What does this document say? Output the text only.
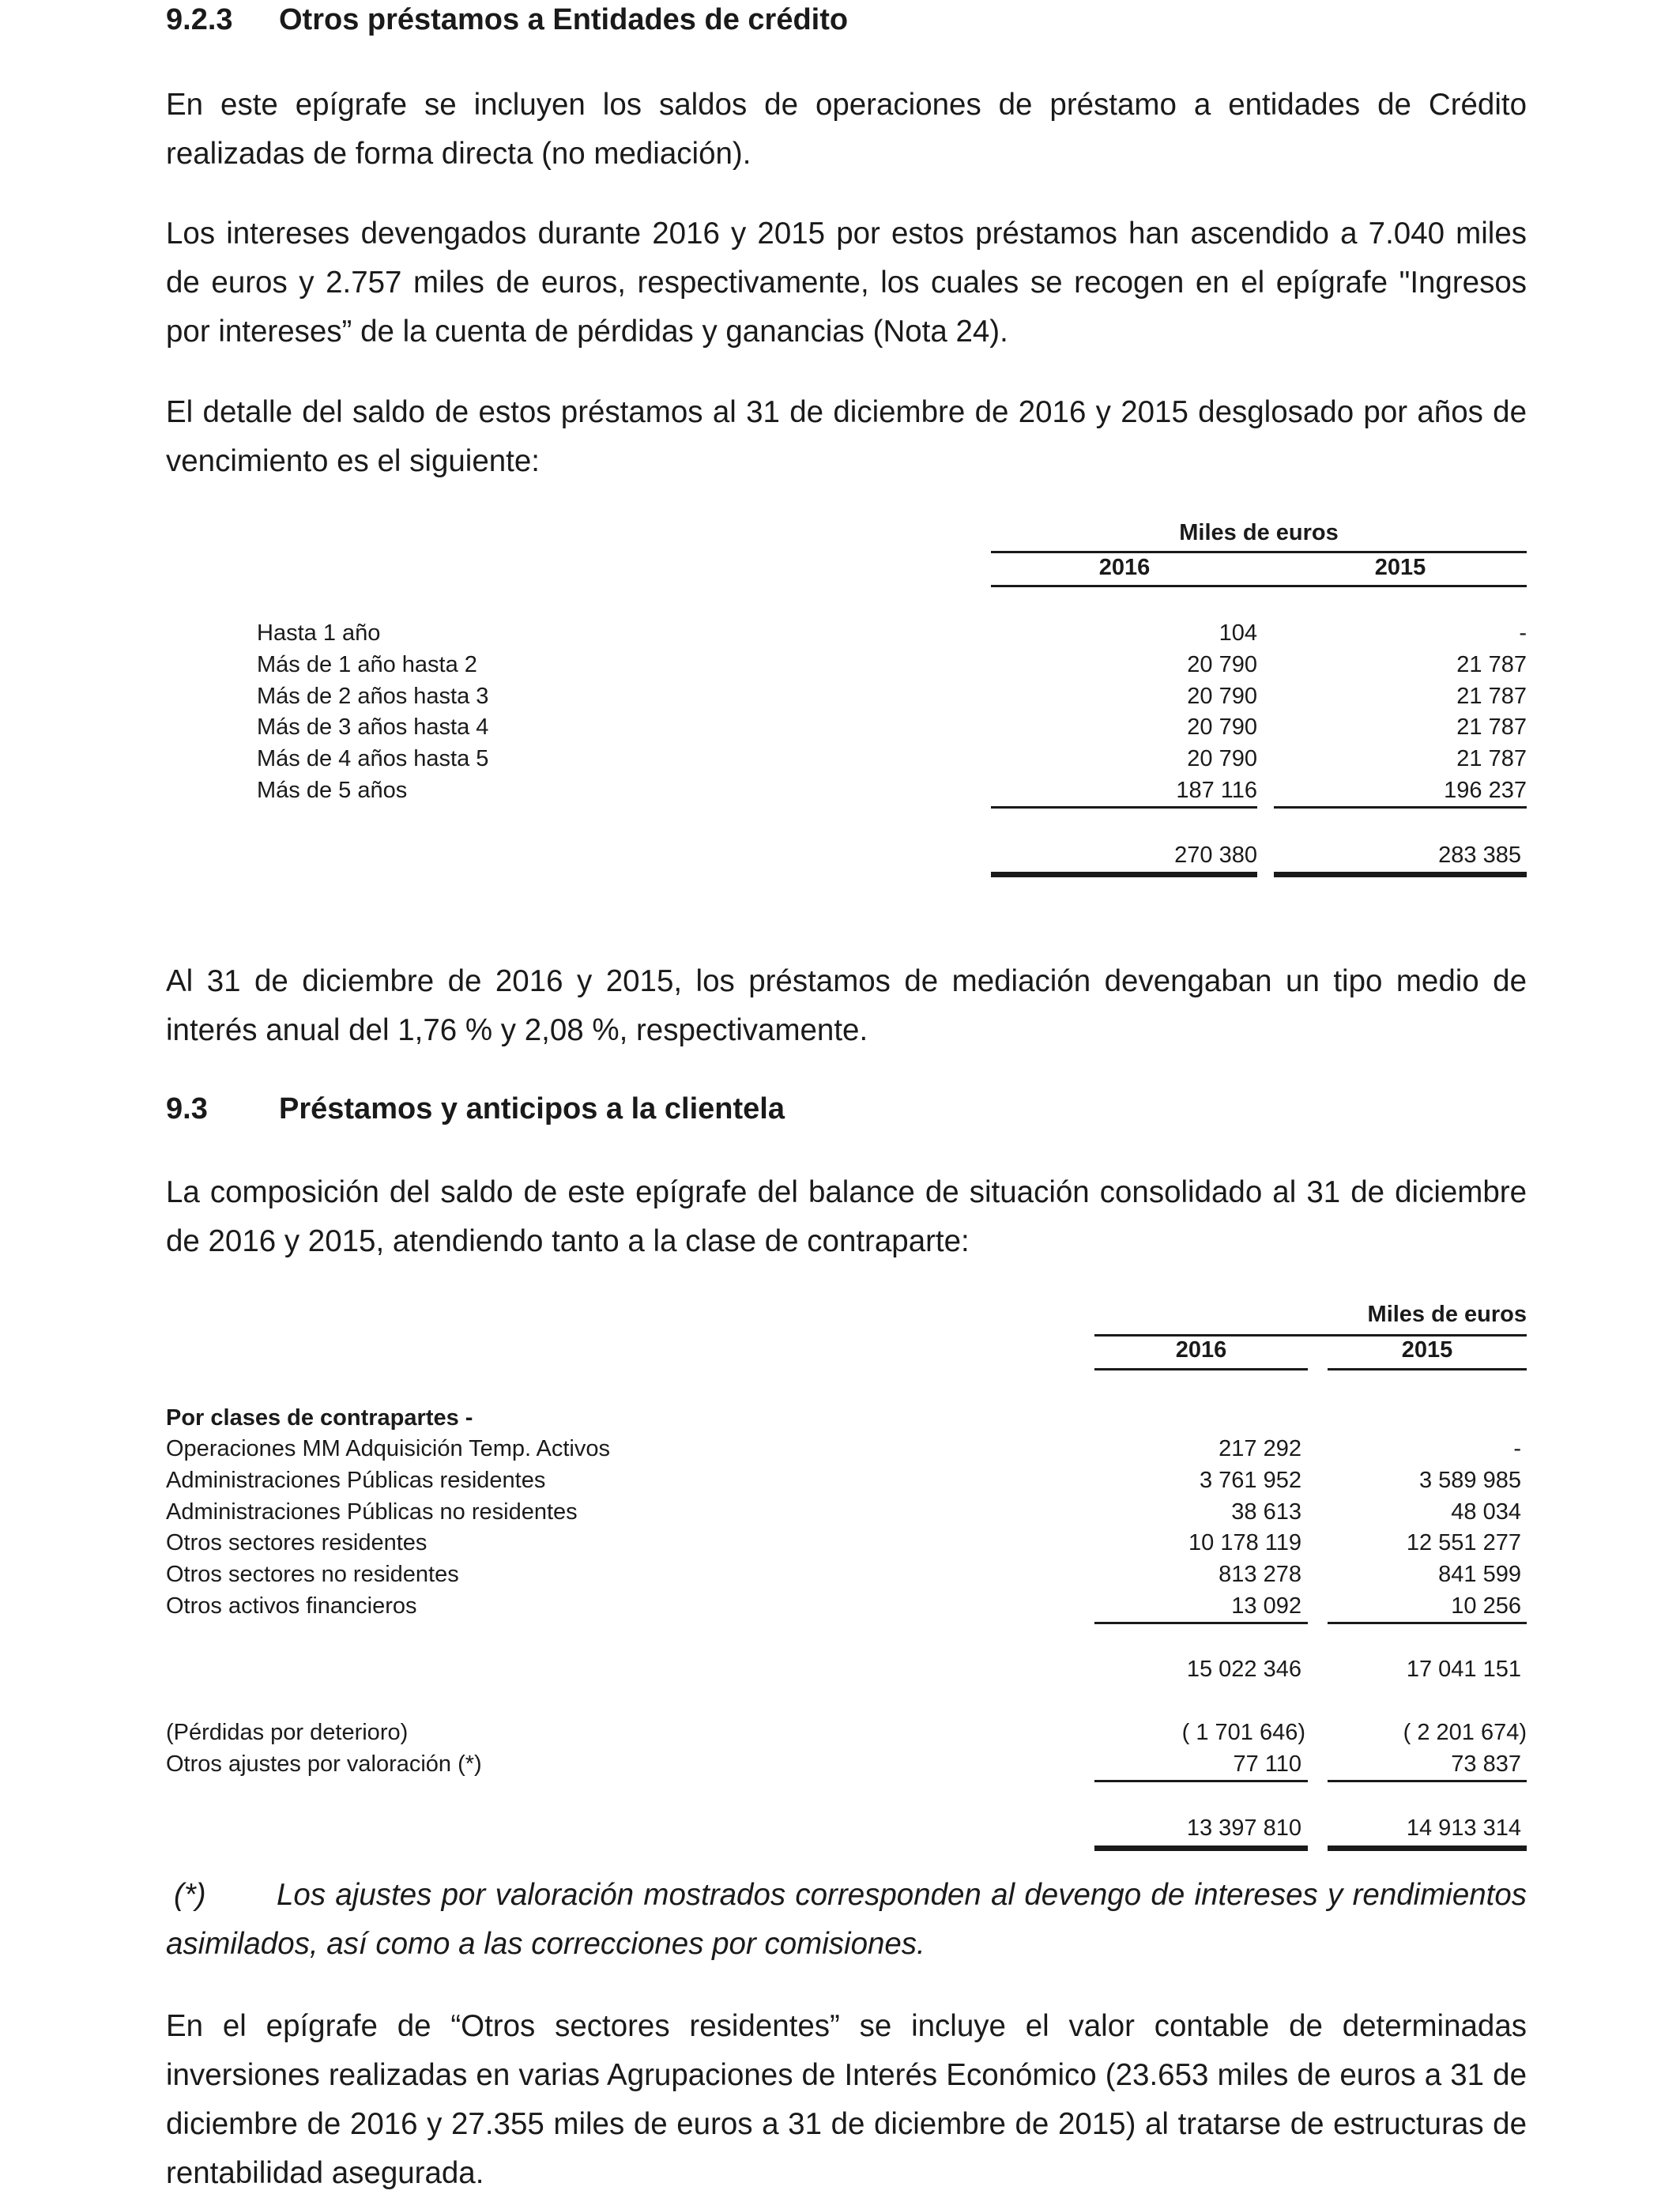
9.2.3 Otros préstamos a Entidades de crédito

En este epígrafe se incluyen los saldos de operaciones de préstamo a entidades de Crédito realizadas de forma directa (no mediación).

Los intereses devengados durante 2016 y 2015 por estos préstamos han ascendido a 7.040 miles de euros y 2.757 miles de euros, respectivamente, los cuales se recogen en el epígrafe "Ingresos por intereses” de la cuenta de pérdidas y ganancias (Nota 24).

El detalle del saldo de estos préstamos al 31 de diciembre de 2016 y 2015 desglosado por años de vencimiento es el siguiente:

Miles de euros
2016	2015
Hasta 1 año	104	-
Más de 1 año hasta 2	20 790	21 787
Más de 2 años hasta 3	20 790	21 787
Más de 3 años hasta 4	20 790	21 787
Más de 4 años hasta 5	20 790	21 787
Más de 5 años	187 116	196 237
270 380	283 385

Al 31 de diciembre de 2016 y 2015, los préstamos de mediación devengaban un tipo medio de interés anual del 1,76 % y 2,08 %, respectivamente.

9.3 Préstamos y anticipos a la clientela

La composición del saldo de este epígrafe del balance de situación consolidado al 31 de diciembre de 2016 y 2015, atendiendo tanto a la clase de contraparte:

Miles de euros
2016	2015
Por clases de contrapartes -
Operaciones MM Adquisición Temp. Activos	217 292	-
Administraciones Públicas residentes	3 761 952	3 589 985
Administraciones Públicas no residentes	38 613	48 034
Otros sectores residentes	10 178 119	12 551 277
Otros sectores no residentes	813 278	841 599
Otros activos financieros	13 092	10 256
15 022 346	17 041 151
(Pérdidas por deterioro)	( 1 701 646)	( 2 201 674)
Otros ajustes por valoración (*)	77 110	73 837
13 397 810	14 913 314

(*) Los ajustes por valoración mostrados corresponden al devengo de intereses y rendimientos asimilados, así como a las correcciones por comisiones.

En el epígrafe de “Otros sectores residentes” se incluye el valor contable de determinadas inversiones realizadas en varias Agrupaciones de Interés Económico (23.653 miles de euros a 31 de diciembre de 2016 y 27.355 miles de euros a 31 de diciembre de 2015) al tratarse de estructuras de rentabilidad asegurada.
